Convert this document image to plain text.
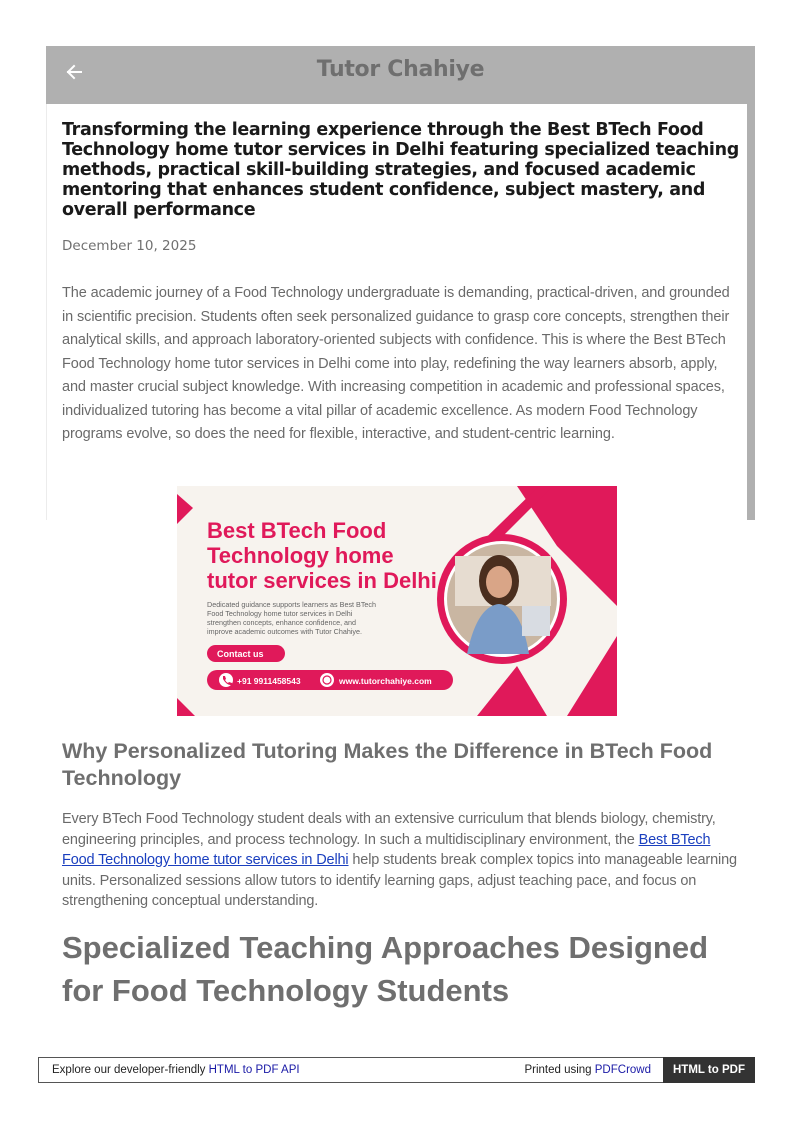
Tutor Chahiye
Transforming the learning experience through the Best BTech Food Technology home tutor services in Delhi featuring specialized teaching methods, practical skill-building strategies, and focused academic mentoring that enhances student confidence, subject mastery, and overall performance
December 10, 2025

The academic journey of a Food Technology undergraduate is demanding, practical-driven, and grounded in scientific precision. Students often seek personalized guidance to grasp core concepts, strengthen their analytical skills, and approach laboratory-oriented subjects with confidence. This is where the Best BTech Food Technology home tutor services in Delhi come into play, redefining the way learners absorb, apply, and master crucial subject knowledge. With increasing competition in academic and professional spaces, individualized tutoring has become a vital pillar of academic excellence. As modern Food Technology programs evolve, so does the need for flexible, interactive, and student-centric learning.

Best BTech Food
Technology home
tutor services in Delhi
Dedicated guidance supports learners as Best BTech
Food Technology home tutor services in Delhi
strengthen concepts, enhance confidence, and
improve academic outcomes with Tutor Chahiye.
Contact us
+91 9911458543	www.tutorchahiye.com
Why Personalized Tutoring Makes the Difference in BTech Food Technology

Every BTech Food Technology student deals with an extensive curriculum that blends biology, chemistry, engineering principles, and process technology. In such a multidisciplinary environment, the Best BTech Food Technology home tutor services in Delhi help students break complex topics into manageable learning units. Personalized sessions allow tutors to identify learning gaps, adjust teaching pace, and focus on strengthening conceptual understanding.

Specialized Teaching Approaches Designed for Food Technology Students
Explore our developer-friendly HTML to PDF API	Printed using PDFCrowd	HTML to PDF
